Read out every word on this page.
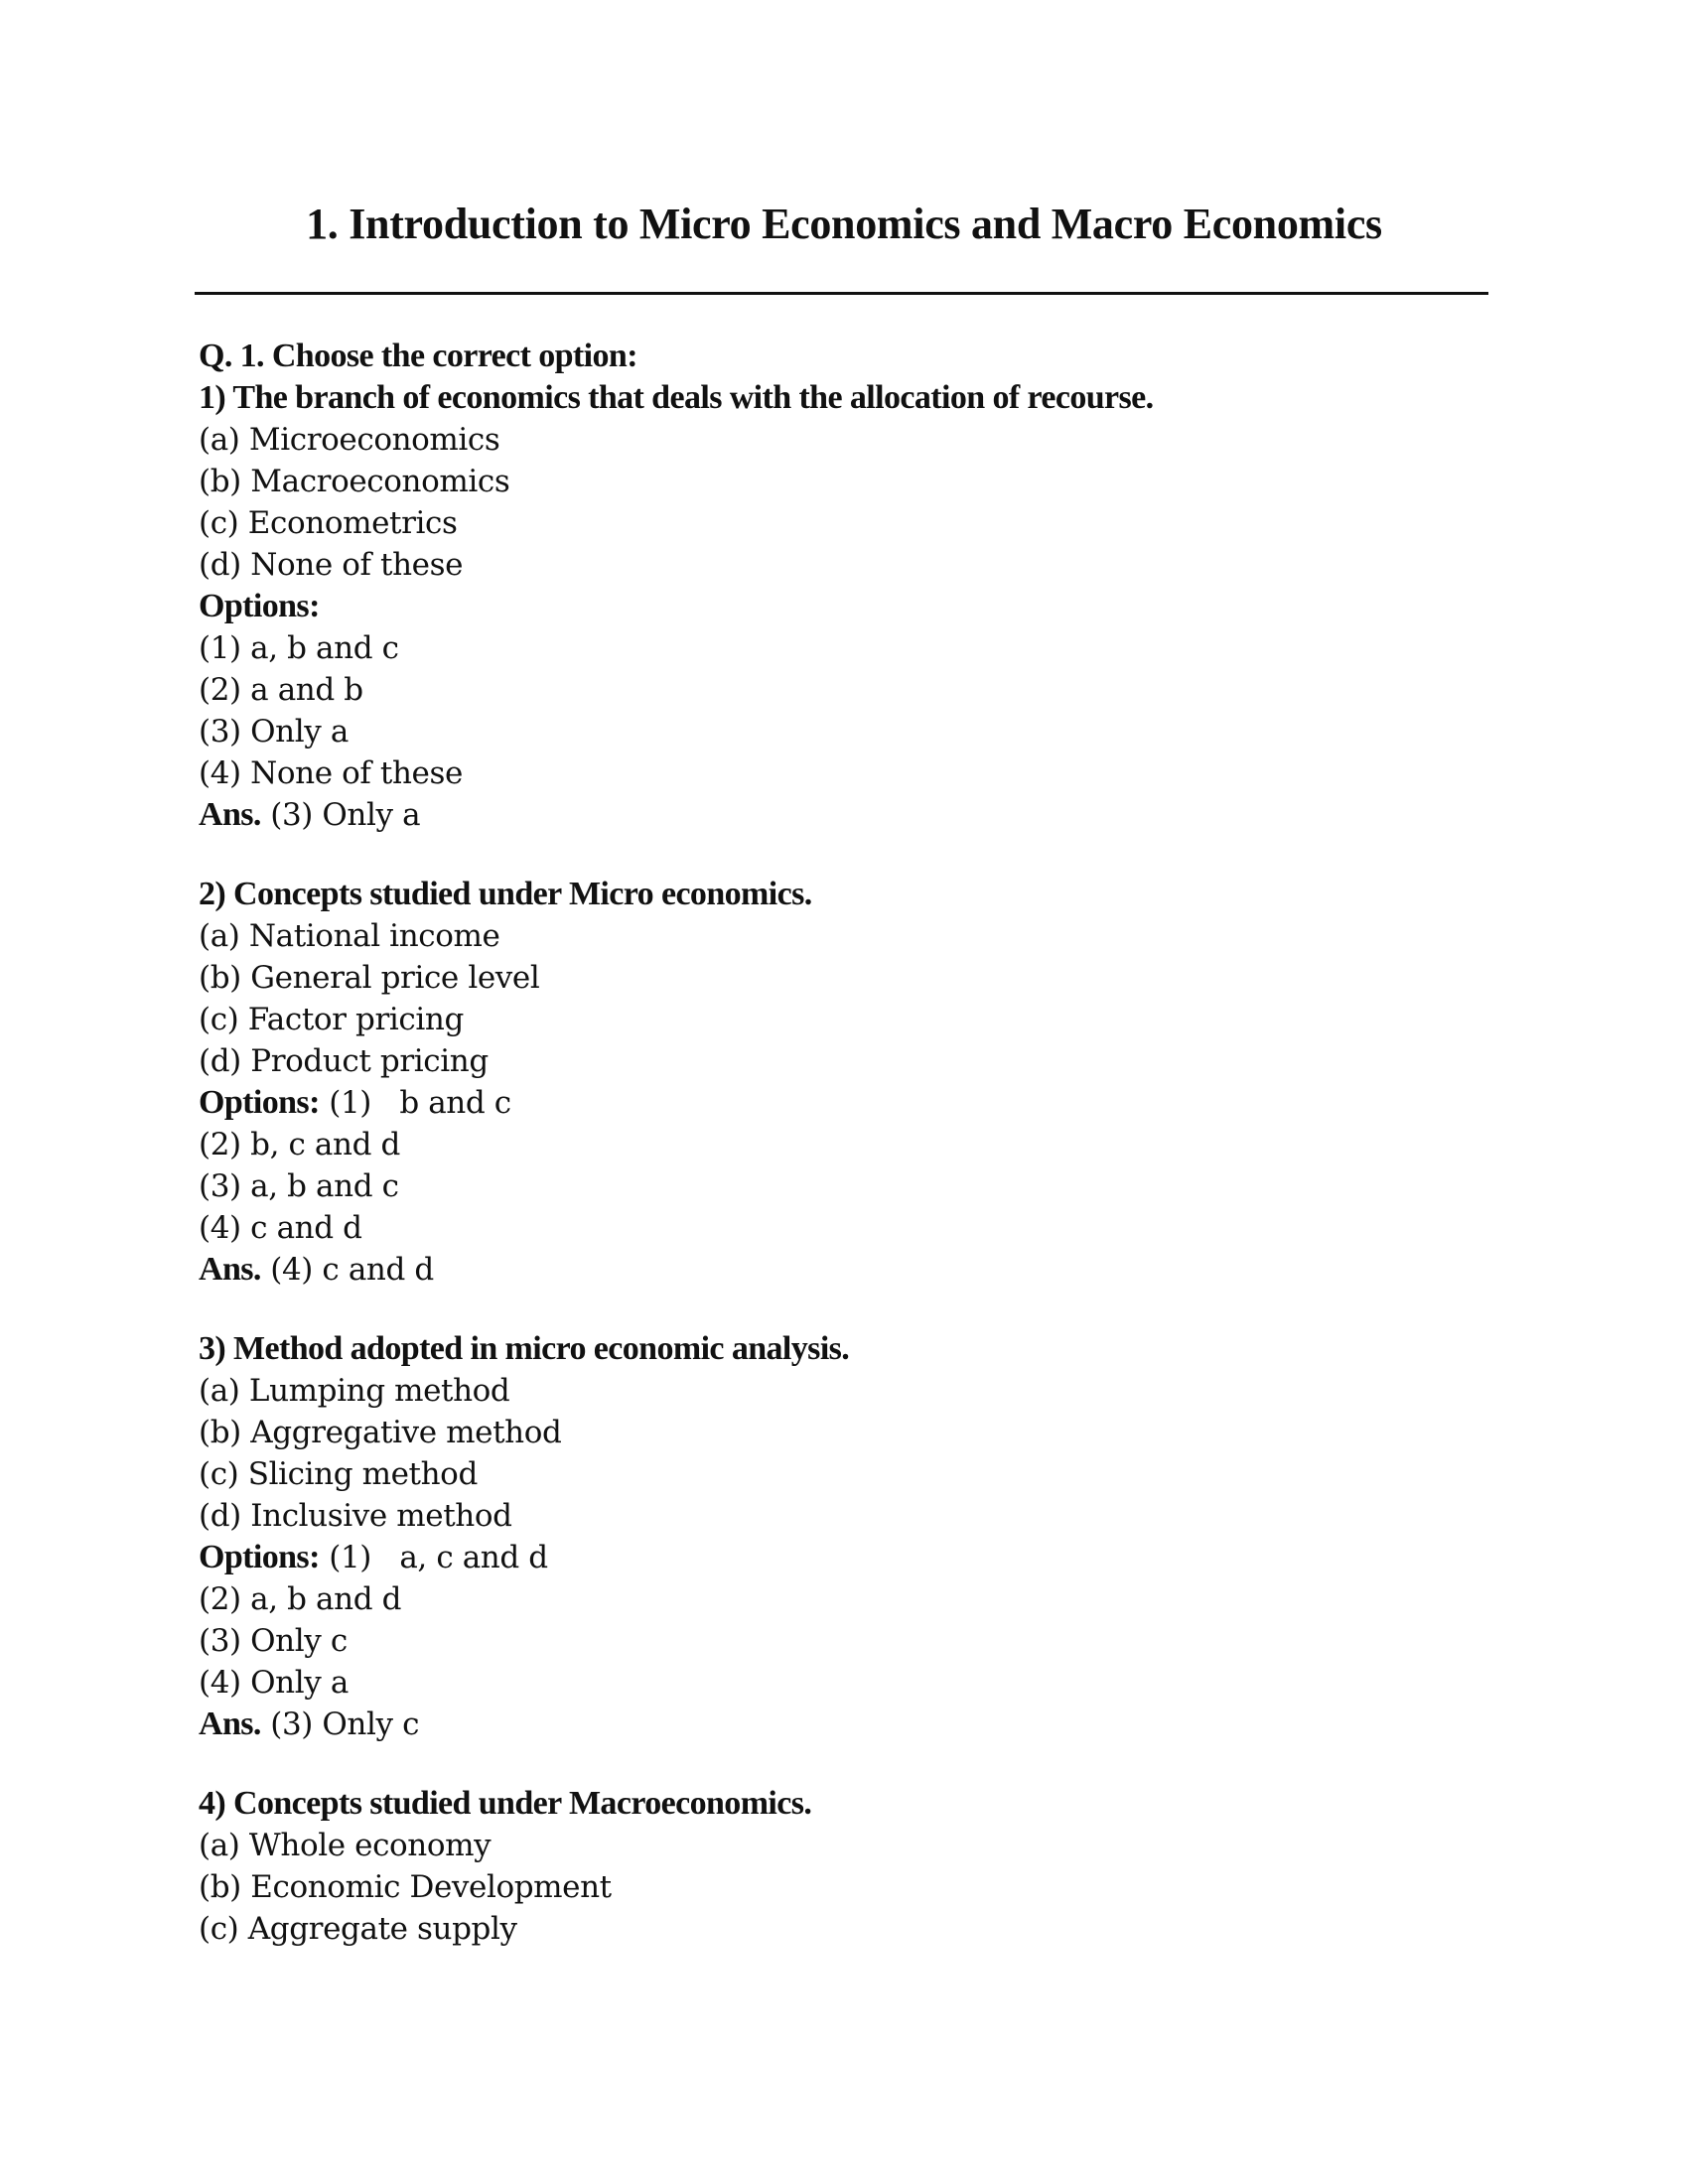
1. Introduction to Micro Economics and Macro Economics
Q. 1. Choose the correct option:
1) The branch of economics that deals with the allocation of recourse.
(a) Microeconomics
(b) Macroeconomics
(c) Econometrics
(d) None of these
Options:
(1) a, b and c
(2) a and b
(3) Only a
(4) None of these
Ans. (3) Only a
2) Concepts studied under Micro economics.
(a) National income
(b) General price level
(c) Factor pricing
(d) Product pricing
Options: (1)   b and c
(2) b, c and d
(3) a, b and c
(4) c and d
Ans. (4) c and d
3) Method adopted in micro economic analysis.
(a) Lumping method
(b) Aggregative method
(c) Slicing method
(d) Inclusive method
Options: (1)   a, c and d
(2) a, b and d
(3) Only c
(4) Only a
Ans. (3) Only c
4) Concepts studied under Macroeconomics.
(a) Whole economy
(b) Economic Development
(c) Aggregate supply
